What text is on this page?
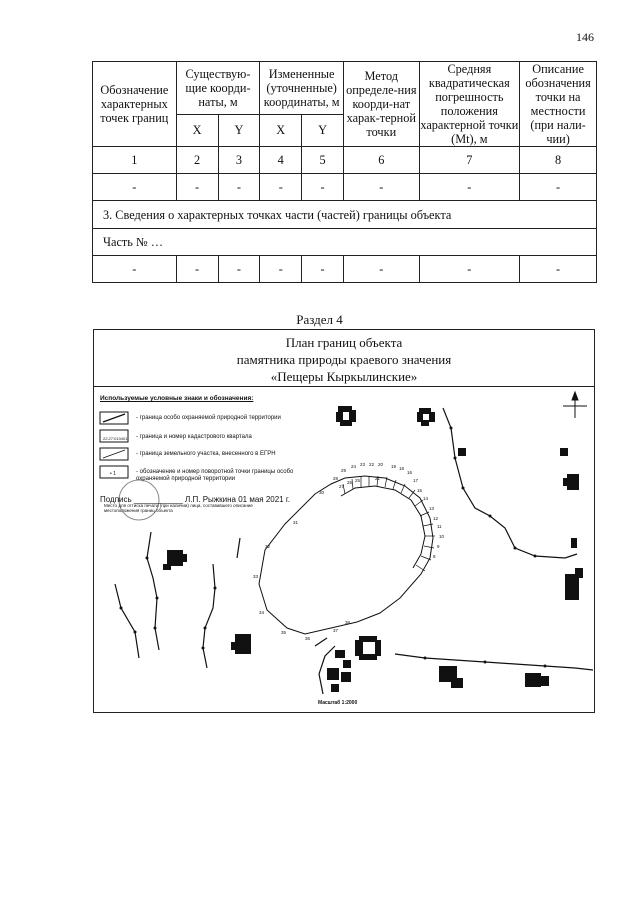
146
Обозначение характерных точек границ	Существую-щие коорди-наты, м		Измененные (уточненные) координаты, м		Метод определе-ния коорди-нат харак-терной точки	Средняя квадратическая погрешность положения характерной точки (Mt), м	Описание обозначения точки на местности (при нали-чии)
	X	Y	X	Y			
1	2	3	4	5	6	7	8
-	-	-	-	-	-	-	-
3. Сведения о характерных точках части (частей) границы объекта							
Часть № …							
-	-	-	-	-	-	-	-
Раздел 4
План границ объекта
памятника природы краевого значения
«Пещеры Кыркылинские»
29
24 23 22 20 19 18
16
28
27
26 25	21	17
15
14
13
12
11
10
9
8
30
31
32
33
34
35
36
37
38
Используемые условные знаки и обозначения:
- граница особо охраняемой природной территории
22:27:010401 - граница и номер кадастрового квартала
- граница земельного участка, внесенного в ЕГРН
• 1	- обозначение и номер поворотной точки границы особо охраняемой природной территории
Подпись ___________ Л.П. Рыжкина 01 мая 2021 г.
Место для оттиска печати (при наличии) лица, составившего описание местоположения границ объекта
Масштаб 1:2000
